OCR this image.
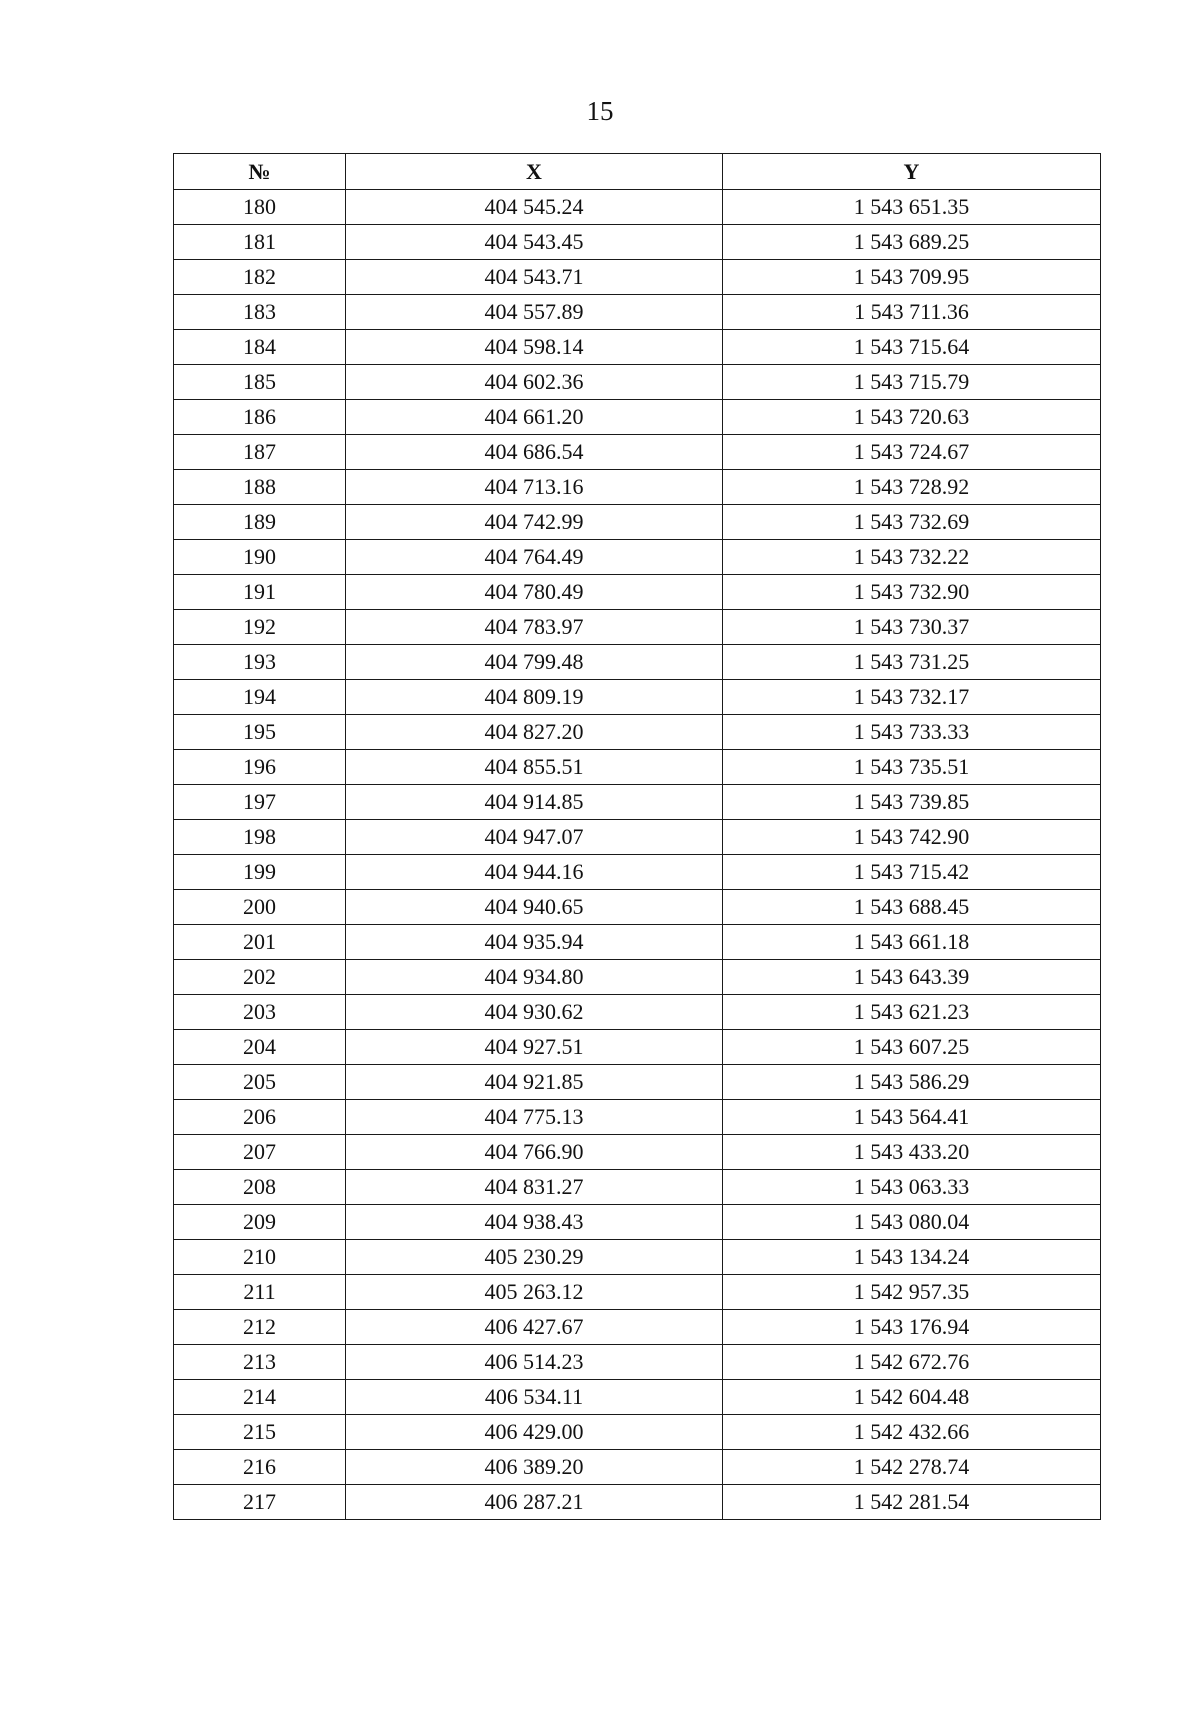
15
№	X	Y
180	404 545.24	1 543 651.35
181	404 543.45	1 543 689.25
182	404 543.71	1 543 709.95
183	404 557.89	1 543 711.36
184	404 598.14	1 543 715.64
185	404 602.36	1 543 715.79
186	404 661.20	1 543 720.63
187	404 686.54	1 543 724.67
188	404 713.16	1 543 728.92
189	404 742.99	1 543 732.69
190	404 764.49	1 543 732.22
191	404 780.49	1 543 732.90
192	404 783.97	1 543 730.37
193	404 799.48	1 543 731.25
194	404 809.19	1 543 732.17
195	404 827.20	1 543 733.33
196	404 855.51	1 543 735.51
197	404 914.85	1 543 739.85
198	404 947.07	1 543 742.90
199	404 944.16	1 543 715.42
200	404 940.65	1 543 688.45
201	404 935.94	1 543 661.18
202	404 934.80	1 543 643.39
203	404 930.62	1 543 621.23
204	404 927.51	1 543 607.25
205	404 921.85	1 543 586.29
206	404 775.13	1 543 564.41
207	404 766.90	1 543 433.20
208	404 831.27	1 543 063.33
209	404 938.43	1 543 080.04
210	405 230.29	1 543 134.24
211	405 263.12	1 542 957.35
212	406 427.67	1 543 176.94
213	406 514.23	1 542 672.76
214	406 534.11	1 542 604.48
215	406 429.00	1 542 432.66
216	406 389.20	1 542 278.74
217	406 287.21	1 542 281.54
